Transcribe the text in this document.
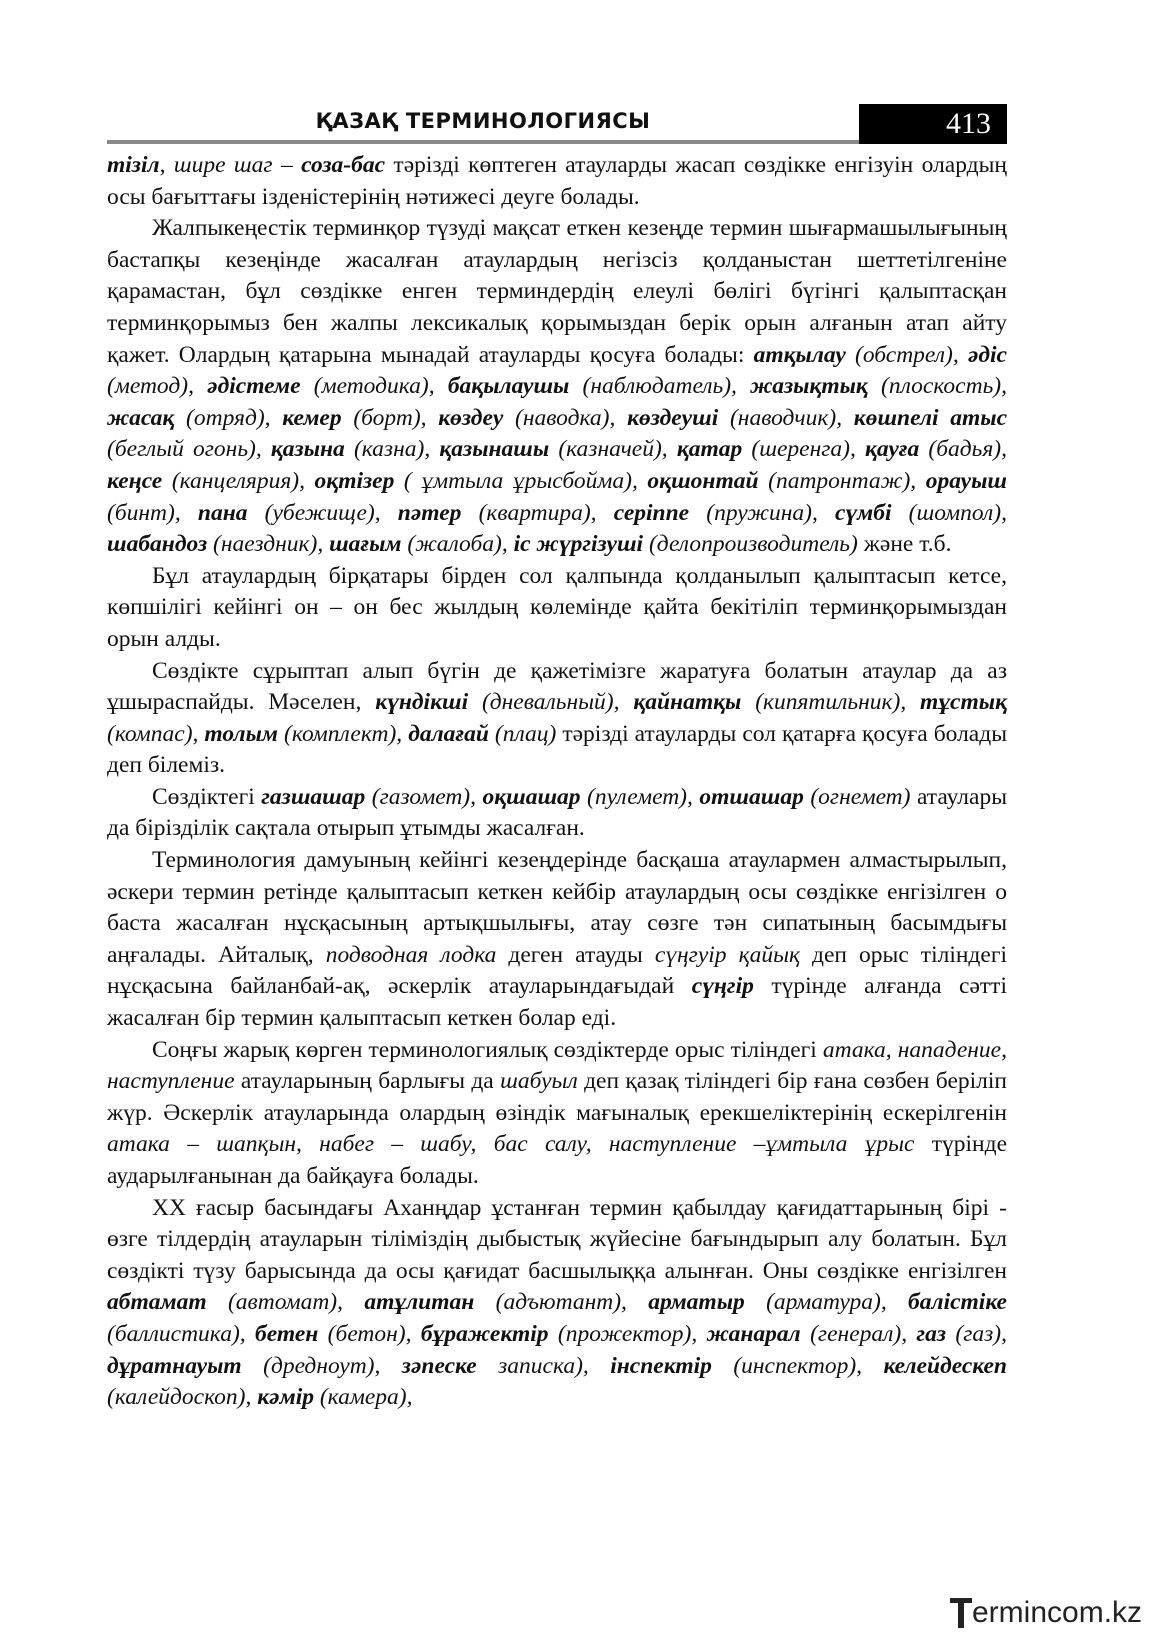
ҚАЗАҚ ТЕРМИНОЛОГИЯСЫ	413

тізіл, шире шаг – соза-бас тәрізді көптеген атауларды жасап сөздікке енгізуін олардың осы бағыттағы ізденістерінің нәтижесі деуге болады.

Жалпыкеңестік терминқор түзуді мақсат еткен кезеңде термин шығармашылығының бастапқы кезеңінде жасалған атаулардың негізсіз қолданыстан шеттетілгеніне қарамастан, бұл сөздікке енген терминдердің елеулі бөлігі бүгінгі қалыптасқан терминқорымыз бен жалпы лексикалық қорымыздан берік орын алғанын атап айту қажет. Олардың қатарына мынадай атауларды қосуға болады: атқылау (обстрел), әдіс (метод), әдістеме (методика), бақылаушы (наблюдатель), жазықтық (плоскость), жасақ (отряд), кемер (борт), көздеу (наводка), көздеуші (наводчик), көшпелі атыс (беглый огонь), қазына (казна), қазынашы (казначей), қатар (шеренга), қауға (бадья), кеңсе (канцелярия), оқтізер ( ұмтыла ұрысбойма), оқшонтай (патронтаж), орауыш (бинт), пана (убежище), пәтер (квартира), серіппе (пружина), сүмбі (шомпол), шабандоз (наездник), шағым (жалоба), іс жүргізуші (делопроизводитель) және т.б.

Бұл атаулардың бірқатары бірден сол қалпында қолданылып қалыптасып кетсе, көпшілігі кейінгі он – он бес жылдың көлемінде қайта бекітіліп терминқорымыздан орын алды.

Сөздікте сұрыптап алып бүгін де қажетімізге жаратуға болатын атаулар да аз ұшыраспайды. Мәселен, күндікші (дневальный), қайнатқы (кипятильник), тұстық (компас), толым (комплект), далағай (плац) тәрізді атауларды сол қатарға қосуға болады деп білеміз.

Сөздіктегі газшашар (газомет), оқшашар (пулемет), отшашар (огнемет) атаулары да бірізділік сақтала отырып ұтымды жасалған.

Терминология дамуының кейінгі кезеңдерінде басқаша атаулармен алмастырылып, әскери термин ретінде қалыптасып кеткен кейбір атаулардың осы сөздікке енгізілген о баста жасалған нұсқасының артықшылығы, атау сөзге тән сипатының басымдығы аңғалады. Айталық, подводная лодка деген атауды сүңгуір қайық деп орыс тіліндегі нұсқасына байланбай-ақ, әскерлік атауларындағыдай сүңгір түрінде алғанда сәтті жасалған бір термин қалыптасып кеткен болар еді.

Соңғы жарық көрген терминологиялық сөздіктерде орыс тіліндегі атака, нападение, наступление атауларының барлығы да шабуыл деп қазақ тіліндегі бір ғана сөзбен беріліп жүр. Әскерлік атауларында олардың өзіндік мағыналық ерекшеліктерінің ескерілгенін атака – шапқын, набег – шабу, бас салу, наступление –ұмтыла ұрыс түрінде аударылғанынан да байқауға болады.

ХХ ғасыр басындағы Аханңдар ұстанған термин қабылдау қағидаттарының бірі - өзге тілдердің атауларын тіліміздің дыбыстық жүйесіне бағындырып алу болатын. Бұл сөздікті түзу барысында да осы қағидат басшылыққа алынған. Оны сөздікке енгізілген абтамат (автомат), атұлитан (адъютант), арматыр (арматура), балістіке (баллистика), бетен (бетон), бұражектір (прожектор), жанарал (генерал), газ (газ), дұратнауыт (дредноут), зәпеске записка), інспектір (инспектор), келейдескеп (калейдоскоп), кәмір (камера),

ermincom.kz
